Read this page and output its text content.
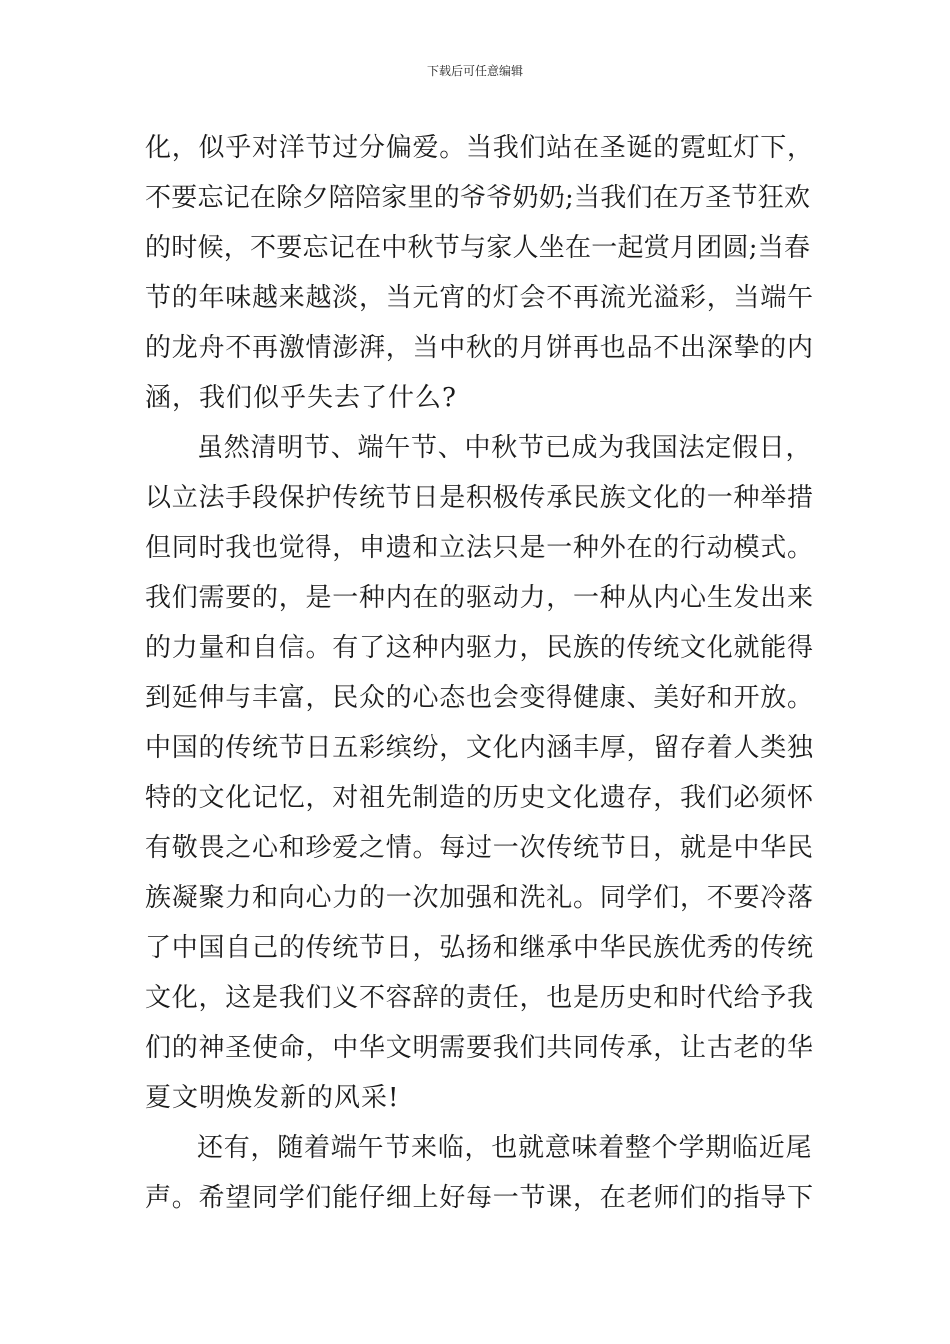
下载后可任意编辑
化，似乎对洋节过分偏爱。当我们站在圣诞的霓虹灯下，
不要忘记在除夕陪陪家里的爷爷奶奶;当我们在万圣节狂欢
的时候，不要忘记在中秋节与家人坐在一起赏月团圆;当春
节的年味越来越淡，当元宵的灯会不再流光溢彩，当端午
的龙舟不再激情澎湃，当中秋的月饼再也品不出深挚的内
涵，我们似乎失去了什么?
虽然清明节、端午节、中秋节已成为我国法定假日，
以立法手段保护传统节日是积极传承民族文化的一种举措
但同时我也觉得，申遗和立法只是一种外在的行动模式。
我们需要的，是一种内在的驱动力，一种从内心生发出来
的力量和自信。有了这种内驱力，民族的传统文化就能得
到延伸与丰富，民众的心态也会变得健康、美好和开放。
中国的传统节日五彩缤纷，文化内涵丰厚，留存着人类独
特的文化记忆，对祖先制造的历史文化遗存，我们必须怀
有敬畏之心和珍爱之情。每过一次传统节日，就是中华民
族凝聚力和向心力的一次加强和洗礼。同学们，不要冷落
了中国自己的传统节日，弘扬和继承中华民族优秀的传统
文化，这是我们义不容辞的责任，也是历史和时代给予我
们的神圣使命，中华文明需要我们共同传承，让古老的华
夏文明焕发新的风采!
还有，随着端午节来临，也就意味着整个学期临近尾
声。希望同学们能仔细上好每一节课，在老师们的指导下
